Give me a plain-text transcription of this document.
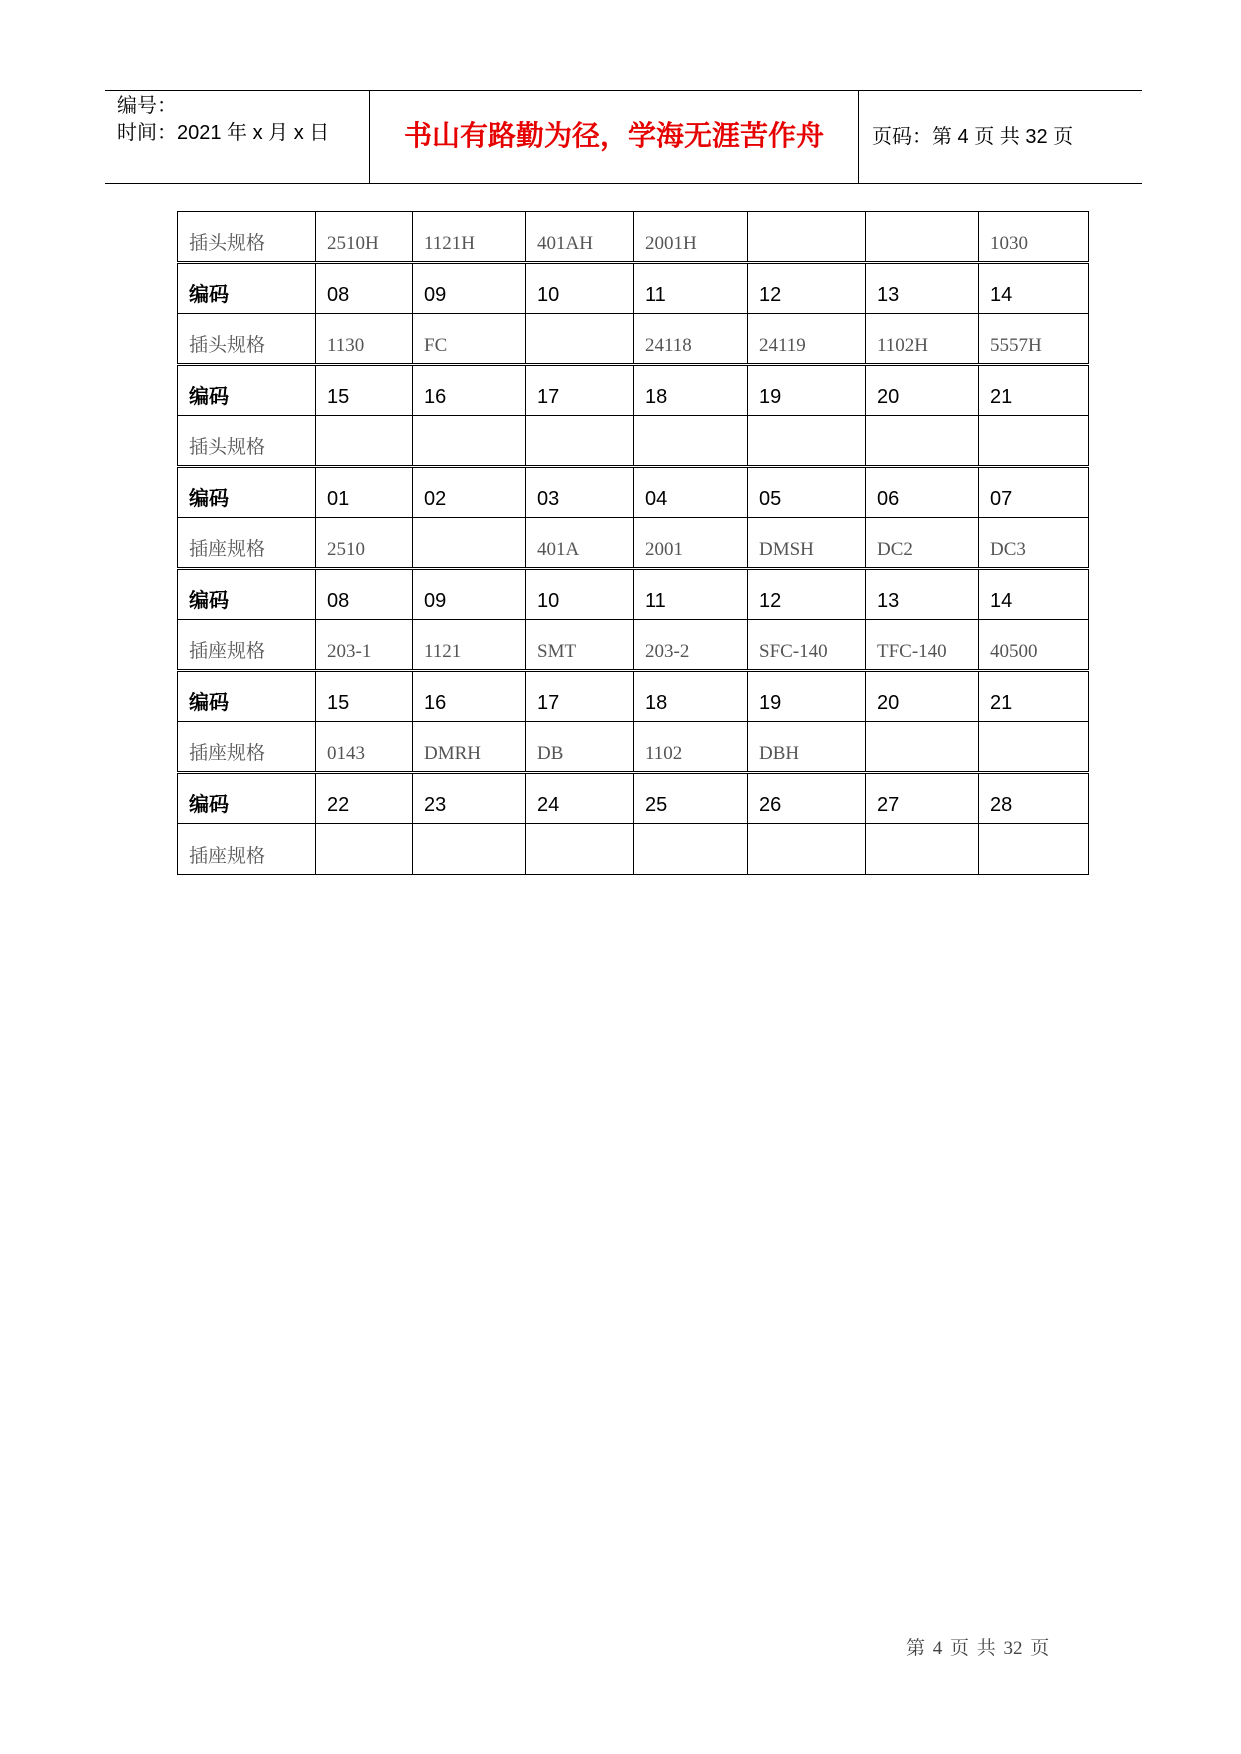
编号：
时间：2021 年 x 月 x 日	书山有路勤为径，学海无涯苦作舟	页码：第 4 页 共 32 页
插头规格	2510H	1121H	401AH	2001H			1030
编码	08	09	10	11	12	13	14
插头规格	1130	FC		24118	24119	1102H	5557H
编码	15	16	17	18	19	20	21
插头规格							
编码	01	02	03	04	05	06	07
插座规格	2510		401A	2001	DMSH	DC2	DC3
编码	08	09	10	11	12	13	14
插座规格	203-1	1121	SMT	203-2	SFC-140	TFC-140	40500
编码	15	16	17	18	19	20	21
插座规格	0143	DMRH	DB	1102	DBH		
编码	22	23	24	25	26	27	28
插座规格							
第 4 页 共 32 页
